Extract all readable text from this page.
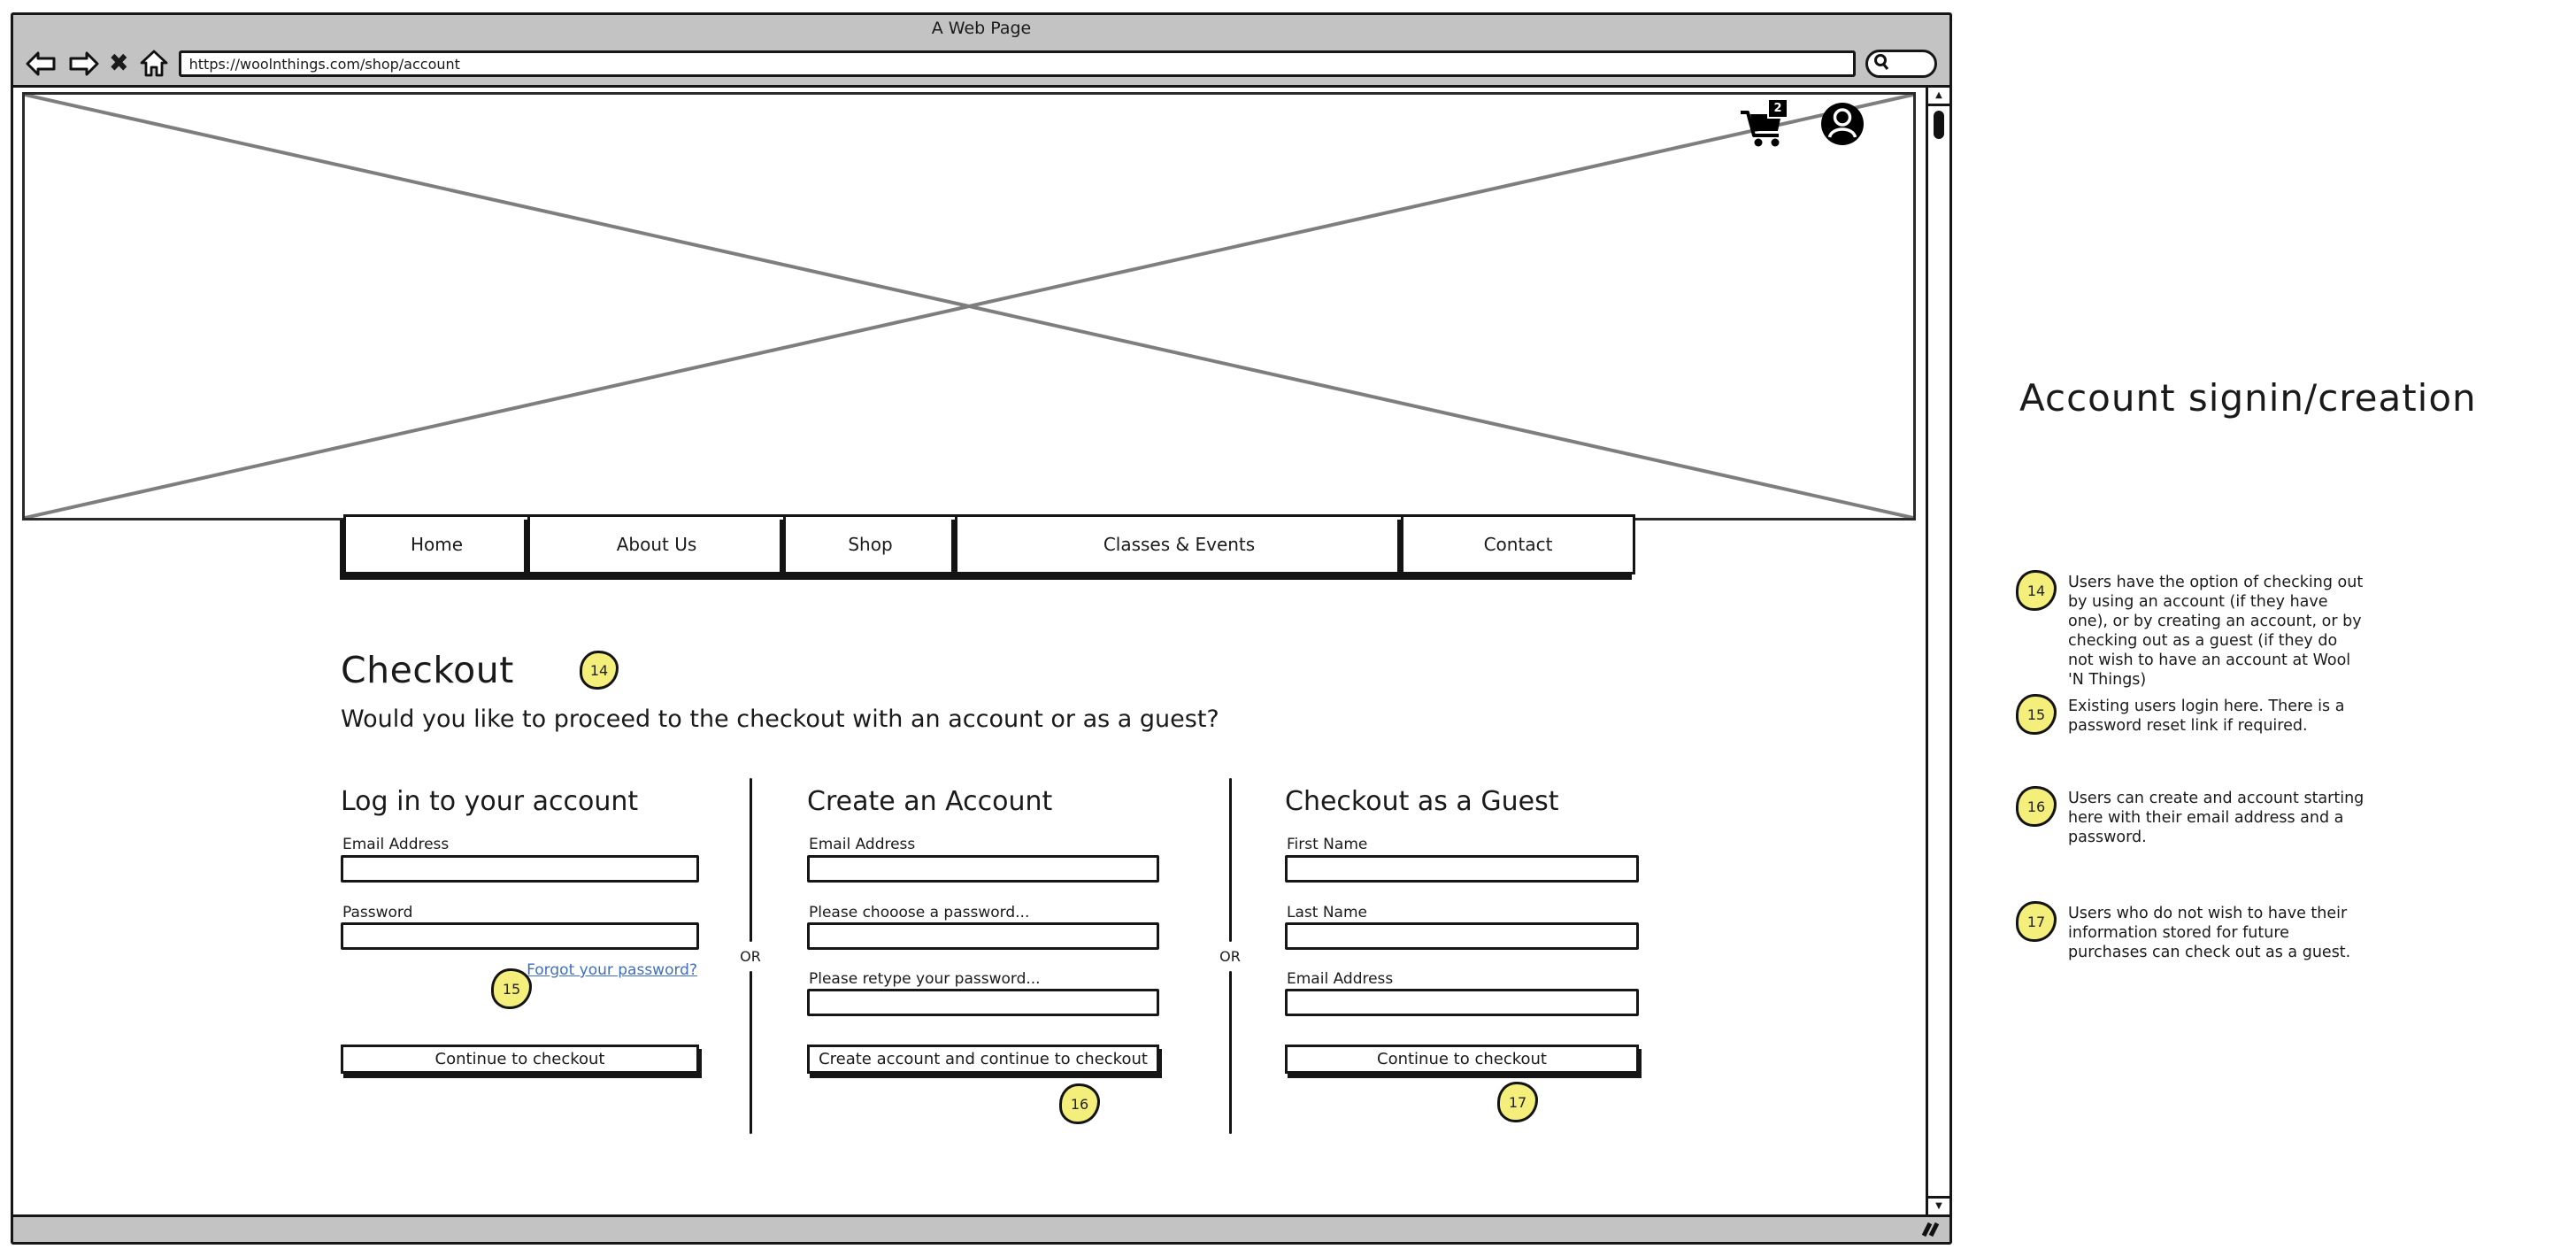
A Web Page
✖
https://woolnthings.com/shop/account
2
Home	About Us	Shop	Classes & Events	Contact
Checkout	14
Would you like to proceed to the checkout with an account or as a guest?
Log in to your account
Email Address
Password
Forgot your password?
15
Continue to checkout
OR
Create an Account
Email Address
Please chooose a password...
Please retype your password...
Create account and continue to checkout
16
OR
Checkout as a Guest
First Name
Last Name
Email Address
Continue to checkout
17
▲
▼
Account signin/creation
14	Users have the option of checking out by using an account (if they have one), or by creating an account, or by checking out as a guest (if they do not wish to have an account at Wool 'N Things)
15	Existing users login here. There is a password reset link if required.
16	Users can create and account starting here with their email address and a password.
17	Users who do not wish to have their information stored for future purchases can check out as a guest.
